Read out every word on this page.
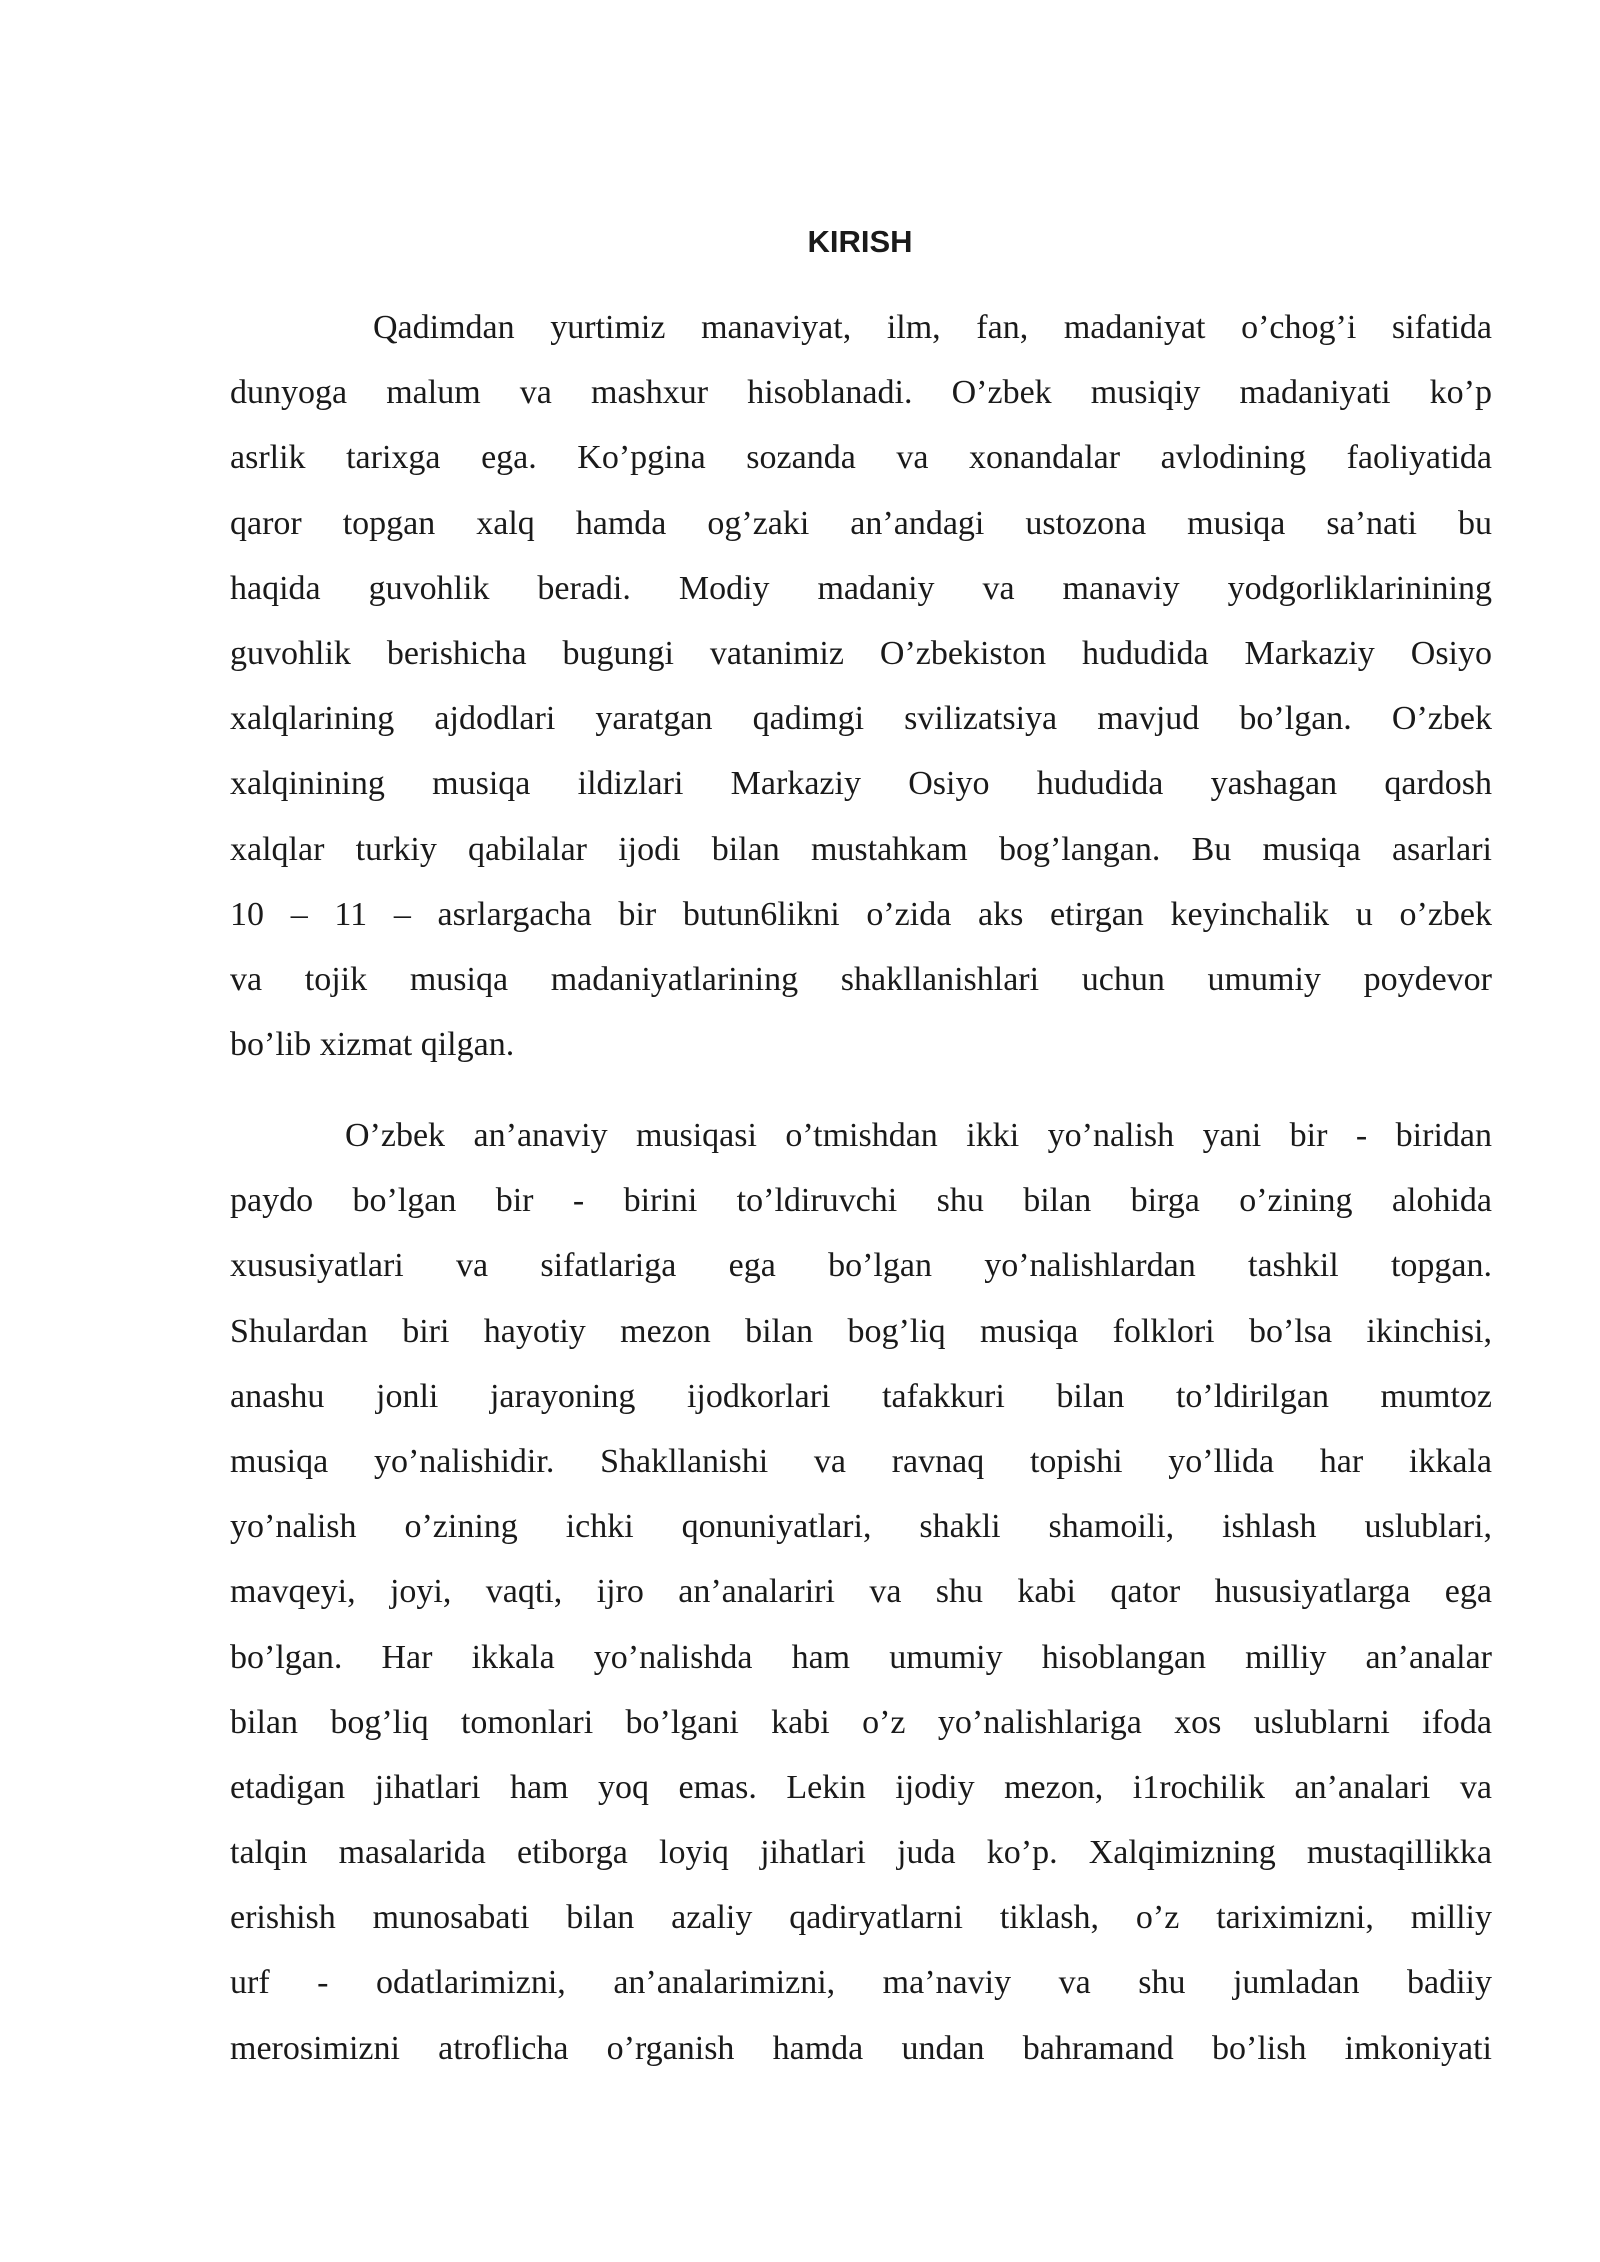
KIRISH
Qadimdan yurtimiz manaviyat, ilm, fan, madaniyat o’chog’i sifatida
dunyoga malum va mashxur hisoblanadi. O’zbek musiqiy madaniyati ko’p
asrlik tarixga ega. Ko’pgina sozanda va xonandalar avlodining faoliyatida
qaror topgan xalq hamda og’zaki an’andagi ustozona musiqa sa’nati bu
haqida guvohlik beradi. Modiy madaniy va manaviy yodgorliklarinining
guvohlik berishicha bugungi vatanimiz O’zbekiston hududida Markaziy Osiyo
xalqlarining ajdodlari yaratgan qadimgi svilizatsiya mavjud bo’lgan. O’zbek
xalqinining musiqa ildizlari Markaziy Osiyo hududida yashagan qardosh
xalqlar turkiy qabilalar ijodi bilan mustahkam bog’langan. Bu musiqa asarlari
10 – 11 – asrlargacha bir butun6likni o’zida aks etirgan keyinchalik u o’zbek
va tojik musiqa madaniyatlarining shakllanishlari uchun umumiy poydevor
bo’lib xizmat qilgan.
O’zbek an’anaviy musiqasi o’tmishdan ikki yo’nalish yani bir - biridan
paydo bo’lgan bir - birini to’ldiruvchi shu bilan birga o’zining alohida
xususiyatlari va sifatlariga ega bo’lgan yo’nalishlardan tashkil topgan.
Shulardan biri hayotiy mezon bilan bog’liq musiqa folklori bo’lsa ikinchisi,
anashu jonli jarayoning ijodkorlari tafakkuri bilan to’ldirilgan mumtoz
musiqa yo’nalishidir. Shakllanishi va ravnaq topishi yo’llida har ikkala
yo’nalish o’zining ichki qonuniyatlari, shakli shamoili, ishlash uslublari,
mavqeyi, joyi, vaqti, ijro an’analariri va shu kabi qator hususiyatlarga ega
bo’lgan. Har ikkala yo’nalishda ham umumiy hisoblangan milliy an’analar
bilan bog’liq tomonlari bo’lgani kabi o’z yo’nalishlariga xos uslublarni ifoda
etadigan jihatlari ham yoq emas. Lekin ijodiy mezon, i1rochilik an’analari va
talqin masalarida etiborga loyiq jihatlari juda ko’p. Xalqimizning mustaqillikka
erishish munosabati bilan azaliy qadiryatlarni tiklash, o’z tariximizni, milliy
urf - odatlarimizni, an’analarimizni, ma’naviy va shu jumladan badiiy
merosimizni atroflicha o’rganish hamda undan bahramand bo’lish imkoniyati
